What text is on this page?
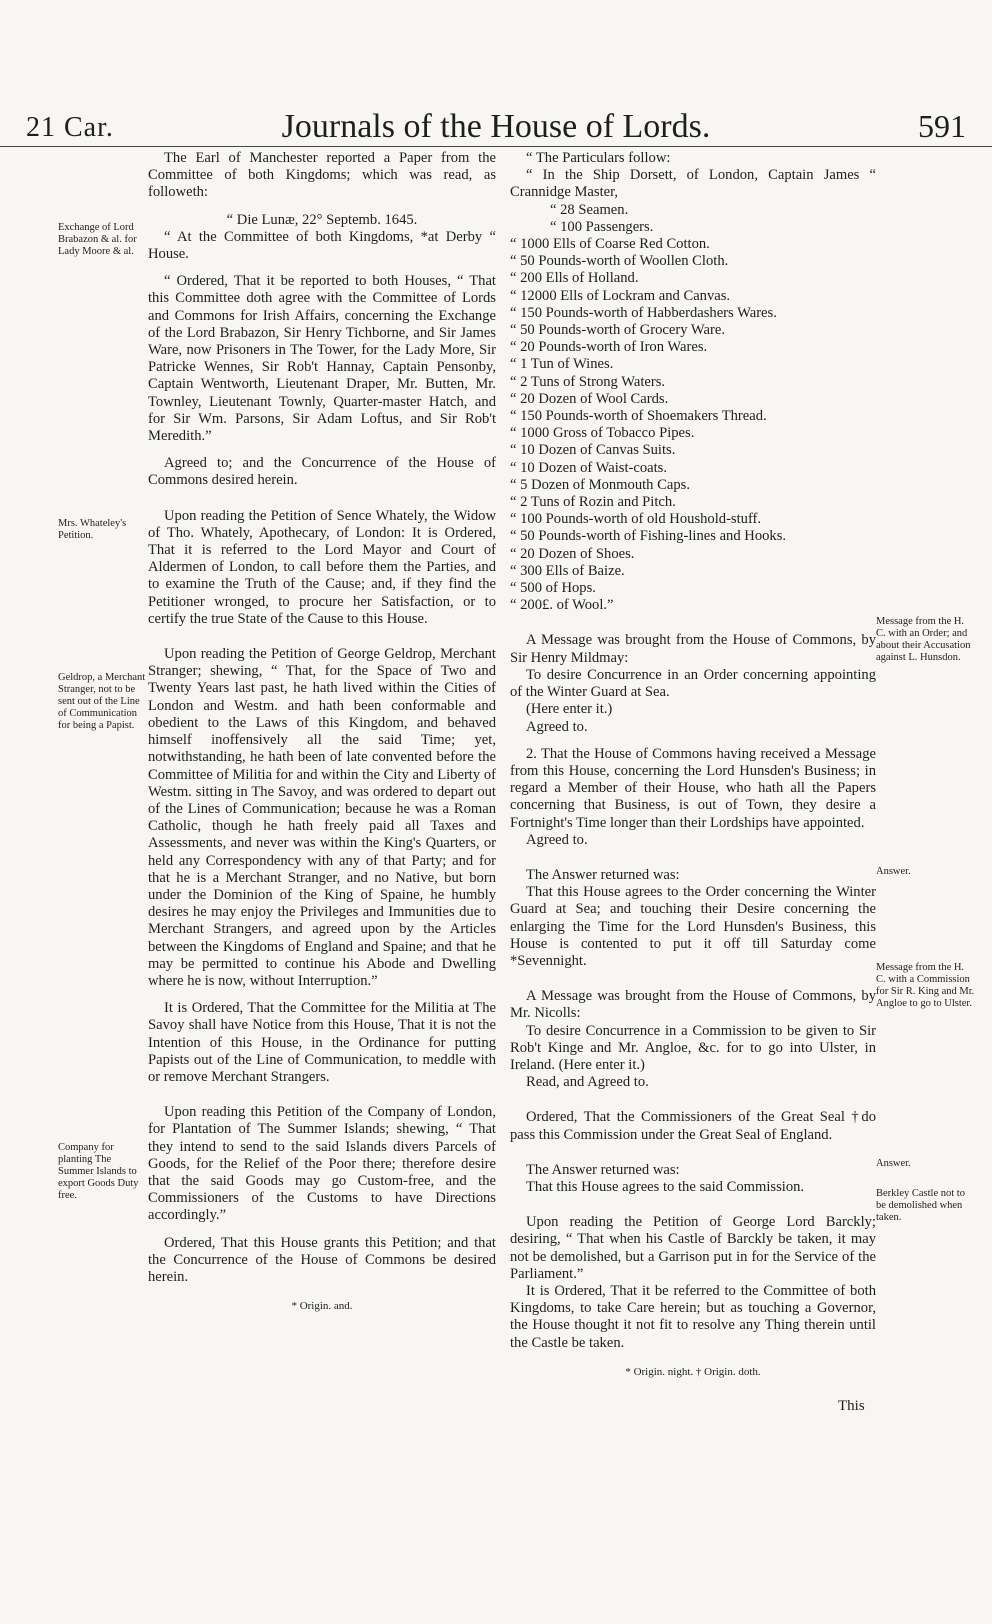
21 Car.	Journals of the House of Lords.	591
Exchange of Lord Brabazon & al. for Lady Moore & al.
Mrs. Whateley's Petition.
Geldrop, a Merchant Stranger, not to be sent out of the Line of Communication for being a Papist.
Company for planting The Summer Islands to export Goods Duty free.
Message from the H. C. with an Order; and about their Accusation against L. Hunsdon.
Answer.
Message from the H. C. with a Commission for Sir R. King and Mr. Angloe to go to Ulster.
Answer.
Berkley Castle not to be demolished when taken.

The Earl of Manchester reported a Paper from the Committee of both Kingdoms; which was read, as followeth:

“ Die Lunæ, 22° Septemb. 1645.

“ At the Committee of both Kingdoms, *at Derby “ House.

“ Ordered, That it be reported to both Houses, “ That this Committee doth agree with the Committee of Lords and Commons for Irish Affairs, concerning the Exchange of the Lord Brabazon, Sir Henry Tichborne, and Sir James Ware, now Prisoners in The Tower, for the Lady More, Sir Patricke Wennes, Sir Rob't Hannay, Captain Pensonby, Captain Wentworth, Lieutenant Draper, Mr. Butten, Mr. Townley, Lieutenant Townly, Quarter-master Hatch, and for Sir Wm. Parsons, Sir Adam Loftus, and Sir Rob't Meredith.”

Agreed to; and the Concurrence of the House of Commons desired herein.

Upon reading the Petition of Sence Whately, the Widow of Tho. Whately, Apothecary, of London: It is Ordered, That it is referred to the Lord Mayor and Court of Aldermen of London, to call before them the Parties, and to examine the Truth of the Cause; and, if they find the Petitioner wronged, to procure her Satisfaction, or to certify the true State of the Cause to this House.

Upon reading the Petition of George Geldrop, Merchant Stranger; shewing, “ That, for the Space of Two and Twenty Years last past, he hath lived within the Cities of London and Westm. and hath been conformable and obedient to the Laws of this Kingdom, and behaved himself inoffensively all the said Time; yet, notwithstanding, he hath been of late convented before the Committee of Militia for and within the City and Liberty of Westm. sitting in The Savoy, and was ordered to depart out of the Lines of Communication; because he was a Roman Catholic, though he hath freely paid all Taxes and Assessments, and never was within the King's Quarters, or held any Correspondency with any of that Party; and for that he is a Merchant Stranger, and no Native, but born under the Dominion of the King of Spaine, he humbly desires he may enjoy the Privileges and Immunities due to Merchant Strangers, and agreed upon by the Articles between the Kingdoms of England and Spaine; and that he may be permitted to continue his Abode and Dwelling where he is now, without Interruption.”

It is Ordered, That the Committee for the Militia at The Savoy shall have Notice from this House, That it is not the Intention of this House, in the Ordinance for putting Papists out of the Line of Communication, to meddle with or remove Merchant Strangers.

Upon reading this Petition of the Company of London, for Plantation of The Summer Islands; shewing, “ That they intend to send to the said Islands divers Parcels of Goods, for the Relief of the Poor there; therefore desire that the said Goods may go Custom-free, and the Commissioners of the Customs to have Directions accordingly.”

Ordered, That this House grants this Petition; and that the Concurrence of the House of Commons be desired herein.

* Origin. and.

“ The Particulars follow:

“ In the Ship Dorsett, of London, Captain James “ Crannidge Master,

“ 28 Seamen.

“ 100 Passengers.

“ 1000 Ells of Coarse Red Cotton.

“ 50 Pounds-worth of Woollen Cloth.

“ 200 Ells of Holland.

“ 12000 Ells of Lockram and Canvas.

“ 150 Pounds-worth of Habberdashers Wares.

“ 50 Pounds-worth of Grocery Ware.

“ 20 Pounds-worth of Iron Wares.

“ 1 Tun of Wines.

“ 2 Tuns of Strong Waters.

“ 20 Dozen of Wool Cards.

“ 150 Pounds-worth of Shoemakers Thread.

“ 1000 Gross of Tobacco Pipes.

“ 10 Dozen of Canvas Suits.

“ 10 Dozen of Waist-coats.

“ 5 Dozen of Monmouth Caps.

“ 2 Tuns of Rozin and Pitch.

“ 100 Pounds-worth of old Houshold-stuff.

“ 50 Pounds-worth of Fishing-lines and Hooks.

“ 20 Dozen of Shoes.

“ 300 Ells of Baize.

“ 500 of Hops.

“ 200£. of Wool.”

A Message was brought from the House of Commons, by Sir Henry Mildmay:

To desire Concurrence in an Order concerning appointing of the Winter Guard at Sea.

(Here enter it.)

Agreed to.

2. That the House of Commons having received a Message from this House, concerning the Lord Hunsden's Business; in regard a Member of their House, who hath all the Papers concerning that Business, is out of Town, they desire a Fortnight's Time longer than their Lordships have appointed.

Agreed to.

The Answer returned was:

That this House agrees to the Order concerning the Winter Guard at Sea; and touching their Desire concerning the enlarging the Time for the Lord Hunsden's Business, this House is contented to put it off till Saturday come *Sevennight.

A Message was brought from the House of Commons, by Mr. Nicolls:

To desire Concurrence in a Commission to be given to Sir Rob't Kinge and Mr. Angloe, &c. for to go into Ulster, in Ireland. (Here enter it.)

Read, and Agreed to.

Ordered, That the Commissioners of the Great Seal †do pass this Commission under the Great Seal of England.

The Answer returned was:

That this House agrees to the said Commission.

Upon reading the Petition of George Lord Barckly; desiring, “ That when his Castle of Barckly be taken, it may not be demolished, but a Garrison put in for the Service of the Parliament.”

It is Ordered, That it be referred to the Committee of both Kingdoms, to take Care herein; but as touching a Governor, the House thought it not fit to resolve any Thing therein until the Castle be taken.

* Origin. night. † Origin. doth.

This
